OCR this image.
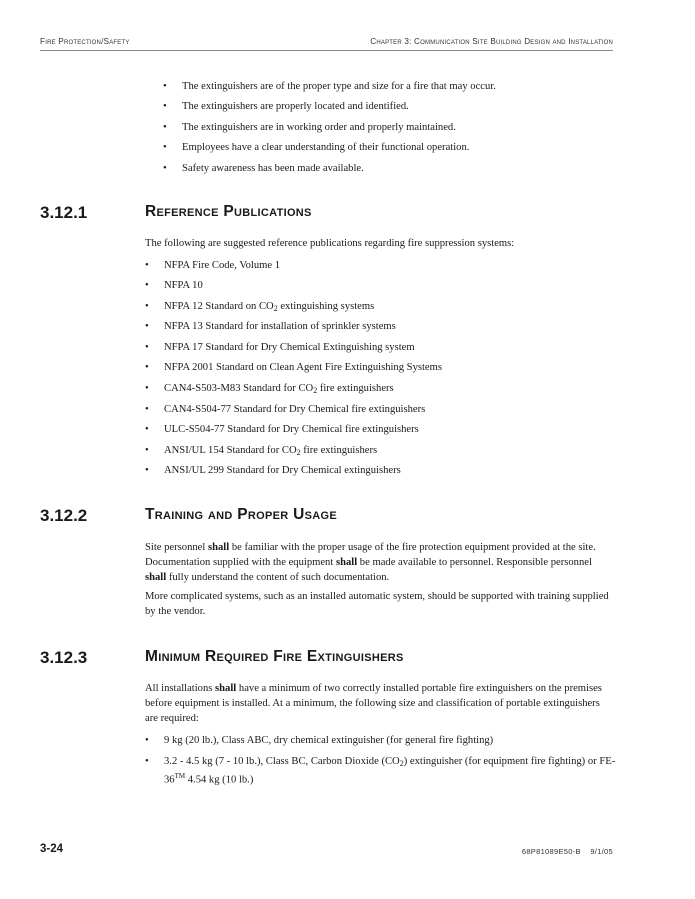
Fire Protection/Safety	Chapter 3: Communication Site Building Design and Installation
• The extinguishers are of the proper type and size for a fire that may occur.
• The extinguishers are properly located and identified.
• The extinguishers are in working order and properly maintained.
• Employees have a clear understanding of their functional operation.
• Safety awareness has been made available.
3.12.1	Reference Publications
The following are suggested reference publications regarding fire suppression systems:
• NFPA Fire Code, Volume 1
• NFPA 10
• NFPA 12 Standard on CO2 extinguishing systems
• NFPA 13 Standard for installation of sprinkler systems
• NFPA 17 Standard for Dry Chemical Extinguishing system
• NFPA 2001 Standard on Clean Agent Fire Extinguishing Systems
• CAN4-S503-M83 Standard for CO2 fire extinguishers
• CAN4-S504-77 Standard for Dry Chemical fire extinguishers
• ULC-S504-77 Standard for Dry Chemical fire extinguishers
• ANSI/UL 154 Standard for CO2 fire extinguishers
• ANSI/UL 299 Standard for Dry Chemical extinguishers
3.12.2	Training and Proper Usage
Site personnel shall be familiar with the proper usage of the fire protection equipment provided at the site. Documentation supplied with the equipment shall be made available to personnel. Responsible personnel shall fully understand the content of such documentation.
More complicated systems, such as an installed automatic system, should be supported with training supplied by the vendor.
3.12.3	Minimum Required Fire Extinguishers
All installations shall have a minimum of two correctly installed portable fire extinguishers on the premises before equipment is installed. At a minimum, the following size and classification of portable extinguishers are required:
• 9 kg (20 lb.), Class ABC, dry chemical extinguisher (for general fire fighting)
• 3.2 - 4.5 kg (7 - 10 lb.), Class BC, Carbon Dioxide (CO2) extinguisher (for equipment fire fighting) or FE-36™ 4.54 kg (10 lb.)
3-24	68P81089E50-B    9/1/05
